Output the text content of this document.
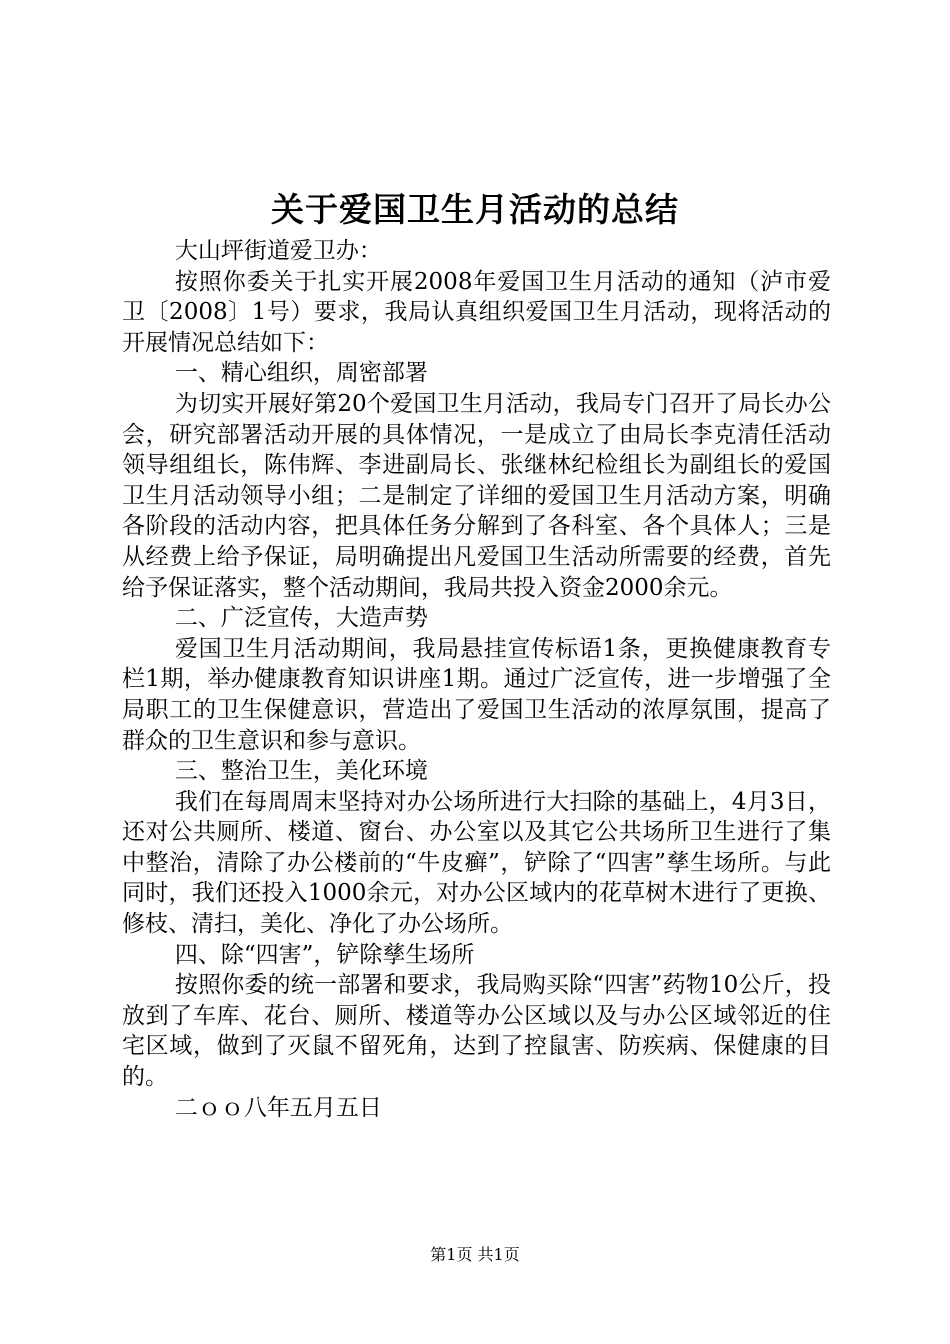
关于爱国卫生月活动的总结

大山坪街道爱卫办：

按照你委关于扎实开展2008年爱国卫生月活动的通知（泸市爱卫〔2008〕1号）要求，我局认真组织爱国卫生月活动，现将活动的开展情况总结如下：

一、精心组织，周密部署

为切实开展好第20个爱国卫生月活动，我局专门召开了局长办公会，研究部署活动开展的具体情况，一是成立了由局长李克清任活动领导组组长，陈伟辉、李进副局长、张继林纪检组长为副组长的爱国卫生月活动领导小组；二是制定了详细的爱国卫生月活动方案，明确各阶段的活动内容，把具体任务分解到了各科室、各个具体人；三是从经费上给予保证，局明确提出凡爱国卫生活动所需要的经费，首先给予保证落实，整个活动期间，我局共投入资金2000余元。

二、广泛宣传，大造声势

爱国卫生月活动期间，我局悬挂宣传标语1条，更换健康教育专栏1期，举办健康教育知识讲座1期。通过广泛宣传，进一步增强了全局职工的卫生保健意识，营造出了爱国卫生活动的浓厚氛围，提高了群众的卫生意识和参与意识。

三、整治卫生，美化环境

我们在每周周末坚持对办公场所进行大扫除的基础上，4月3日，还对公共厕所、楼道、窗台、办公室以及其它公共场所卫生进行了集中整治，清除了办公楼前的“牛皮癣”，铲除了“四害”孳生场所。与此同时，我们还投入1000余元，对办公区域内的花草树木进行了更换、修枝、清扫，美化、净化了办公场所。

四、除“四害”，铲除孳生场所

按照你委的统一部署和要求，我局购买除“四害”药物10公斤，投放到了车库、花台、厕所、楼道等办公区域以及与办公区域邻近的住宅区域，做到了灭鼠不留死角，达到了控鼠害、防疾病、保健康的目的。

二ｏｏ八年五月五日

第1页 共1页
